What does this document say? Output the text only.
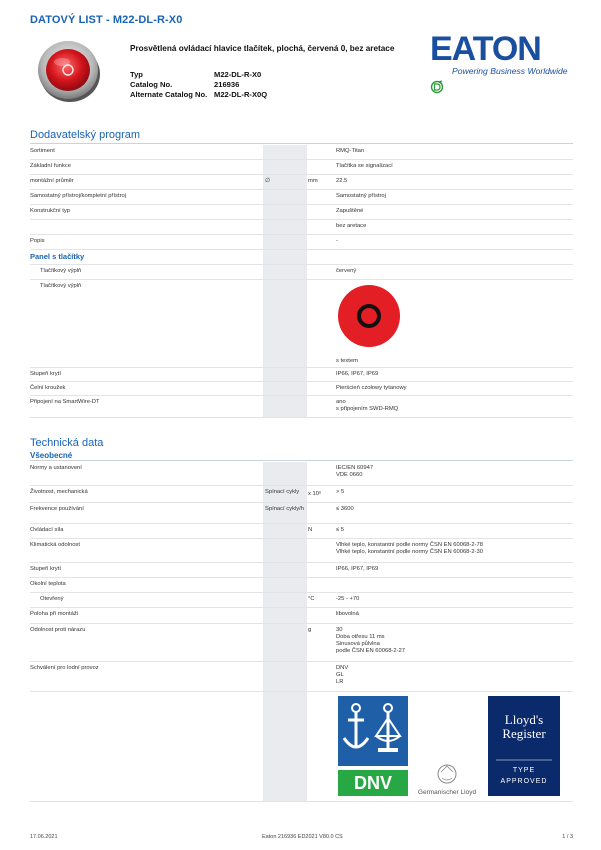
DATOVÝ LIST - M22-DL-R-X0
Prosvětlená ovládací hlavice tlačítek, plochá, červená 0, bez aretace
Typ	M22-DL-R-X0
Catalog No.	216936
Alternate Catalog No. M22-DL-R-X0Q
EATON
Powering Business Worldwide
Dodavatelský program
Sortiment	RMQ-Titan
Základní funkce	Tlačítka se signalizací
montážní průměr	∅	mm	22.5
Samostatný přístroj/kompletní přístroj	Samostatný přístroj
Konstrukční typ	Zapuštěné
bez aretace
Popis	-
Panel s tlačítky
Tlačítkový výplň	červený
Tlačítkový výplň
s textem
Stupeň krytí	IP66, IP67, IP69
Čelní kroužek	Pierścień czołowy tytanowy
Připojení na SmartWire-DT	ano
s připojením SWD-RMQ
Technická data
Všeobecné
Normy a ustanovení	IEC/EN 60947
VDE 0660
Životnost, mechanická	Spínací cykly	x 10⁶	> 5
Frekvence používání	Spínací cykly/h	≤ 3600
Ovládací síla	N	≤ 5
Klimatická odolnost	Vlhké teplo, konstantní podle normy ČSN EN 60068-2-78
Vlhké teplo, konstantní podle normy ČSN EN 60068-2-30
Stupeň krytí	IP66, IP67, IP69
Okolní teplota
Otevřený	°C	-25 - +70
Poloha při montáži	libovolná
Odolnost proti nárazu	g	30
Doba otřesu 11 ms
Sinusová půlvlna
podle ČSN EN 60068-2-27
Schválení pro lodní provoz	DNV
GL
LR
DNV	Germanischer Lloyd
Lloyd's
Register
TYPE
APPROVED
17.06.2021	Eaton 216936 ED2021 V80.0 CS	1 / 3
